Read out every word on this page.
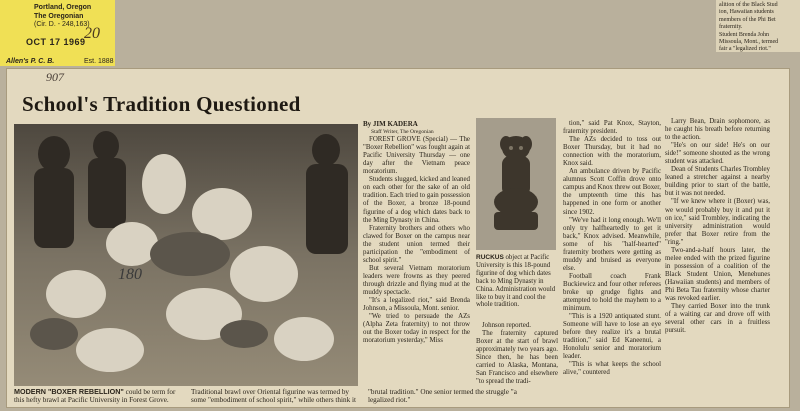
alition of the Black Stud
ion, Hawaiian students
members of the Phi Bet
fraternity.
Student Brenda John
Missoula, Mont., termed
fair a "legalized riot."
Portland, Oregon
The Oregonian
(Cir. D. - 248,163)
OCT 17 1969
20
Allen's P. C. B.	Est. 1888
907
School's Tradition Questioned
180
MODERN "BOXER REBELLION" could be term for this hefty brawl at Pacific University in Forest Grove. Traditional brawl over Oriental figurine was termed by some "embodiment of school spirit," while others think it "brutal tradition." One senior termed the struggle "a legalized riot."

By JIM KADERA

Staff Writer, The Oregonian

FOREST GROVE (Special) — The "Boxer Rebellion" was fought again at Pacific University Thursday — one day after the Vietnam peace moratorium.

Students slugged, kicked and leaned on each other for the sake of an old tradition. Each tried to gain possession of the Boxer, a bronze 18-pound figurine of a dog which dates back to the Ming Dynasty in China.

Fraternity brothers and others who clawed for Boxer on the campus near the student union termed their participation the "embodiment of school spirit."

But several Vietnam moratorium leaders were frowns as they peered through drizzle and flying mud at the muddy spectacle.

"It's a legalized riot," said Brenda Johnson, a Missoula, Mont. senior.

"We tried to persuade the AZs (Alpha Zeta fraternity) to not throw out the Boxer today in respect for the moratorium yesterday," Miss

RUCKUS object at Pacific University is this 18-pound figurine of dog which dates back to Ming Dynasty in China. Administration would like to buy it and cool the whole tradition.

Johnson reported.

The fraternity captured Boxer at the start of brawl approximately two years ago. Since then, he has been carried to Alaska, Montana, San Francisco and elsewhere "to spread the tradi-

tion," said Pat Knox, Stayton, fraternity president.

The AZs decided to toss out Boxer Thursday, but it had no connection with the moratorium, Knox said.

An ambulance driven by Pacific alumnus Scott Coffin drove onto campus and Knox threw out Boxer, the umpteenth time this has happened in one form or another since 1902.

"We've had it long enough. We'll only try halfheartedly to get it back," Knox advised. Meanwhile, some of his "half-hearted" fraternity brothers were getting as muddy and bruised as everyone else.

Football coach Frank Buckiewicz and four other referees broke up grudge fights and attempted to hold the mayhem to a minimum.

"This is a 1920 antiquated stunt. Someone will have to lose an eye before they realize it's a brutal tradition," said Ed Kaneenui, a Honolulu senior and moratorium leader.

"This is what keeps the school alive," countered

Larry Bean, Drain sophomore, as he caught his breath before returning to the action.

"He's on our side! He's on our side!" someone shouted as the wrong student was attacked.

Dean of Students Charles Trombley leaned a stretcher against a nearby building prior to start of the battle, but it was not needed.

"If we knew where it (Boxer) was, we would probably buy it and put it on ice," said Trombley, indicating the university administration would prefer that Boxer retire from the "ring."

Two-and-a-half hours later, the melee ended with the prized figurine in possession of a coalition of the Black Student Union, Menehunes (Hawaiian students) and members of Phi Beta Tau fraternity whose charter was revoked earlier.

They carried Boxer into the trunk of a waiting car and drove off with several other cars in a fruitless pursuit.
